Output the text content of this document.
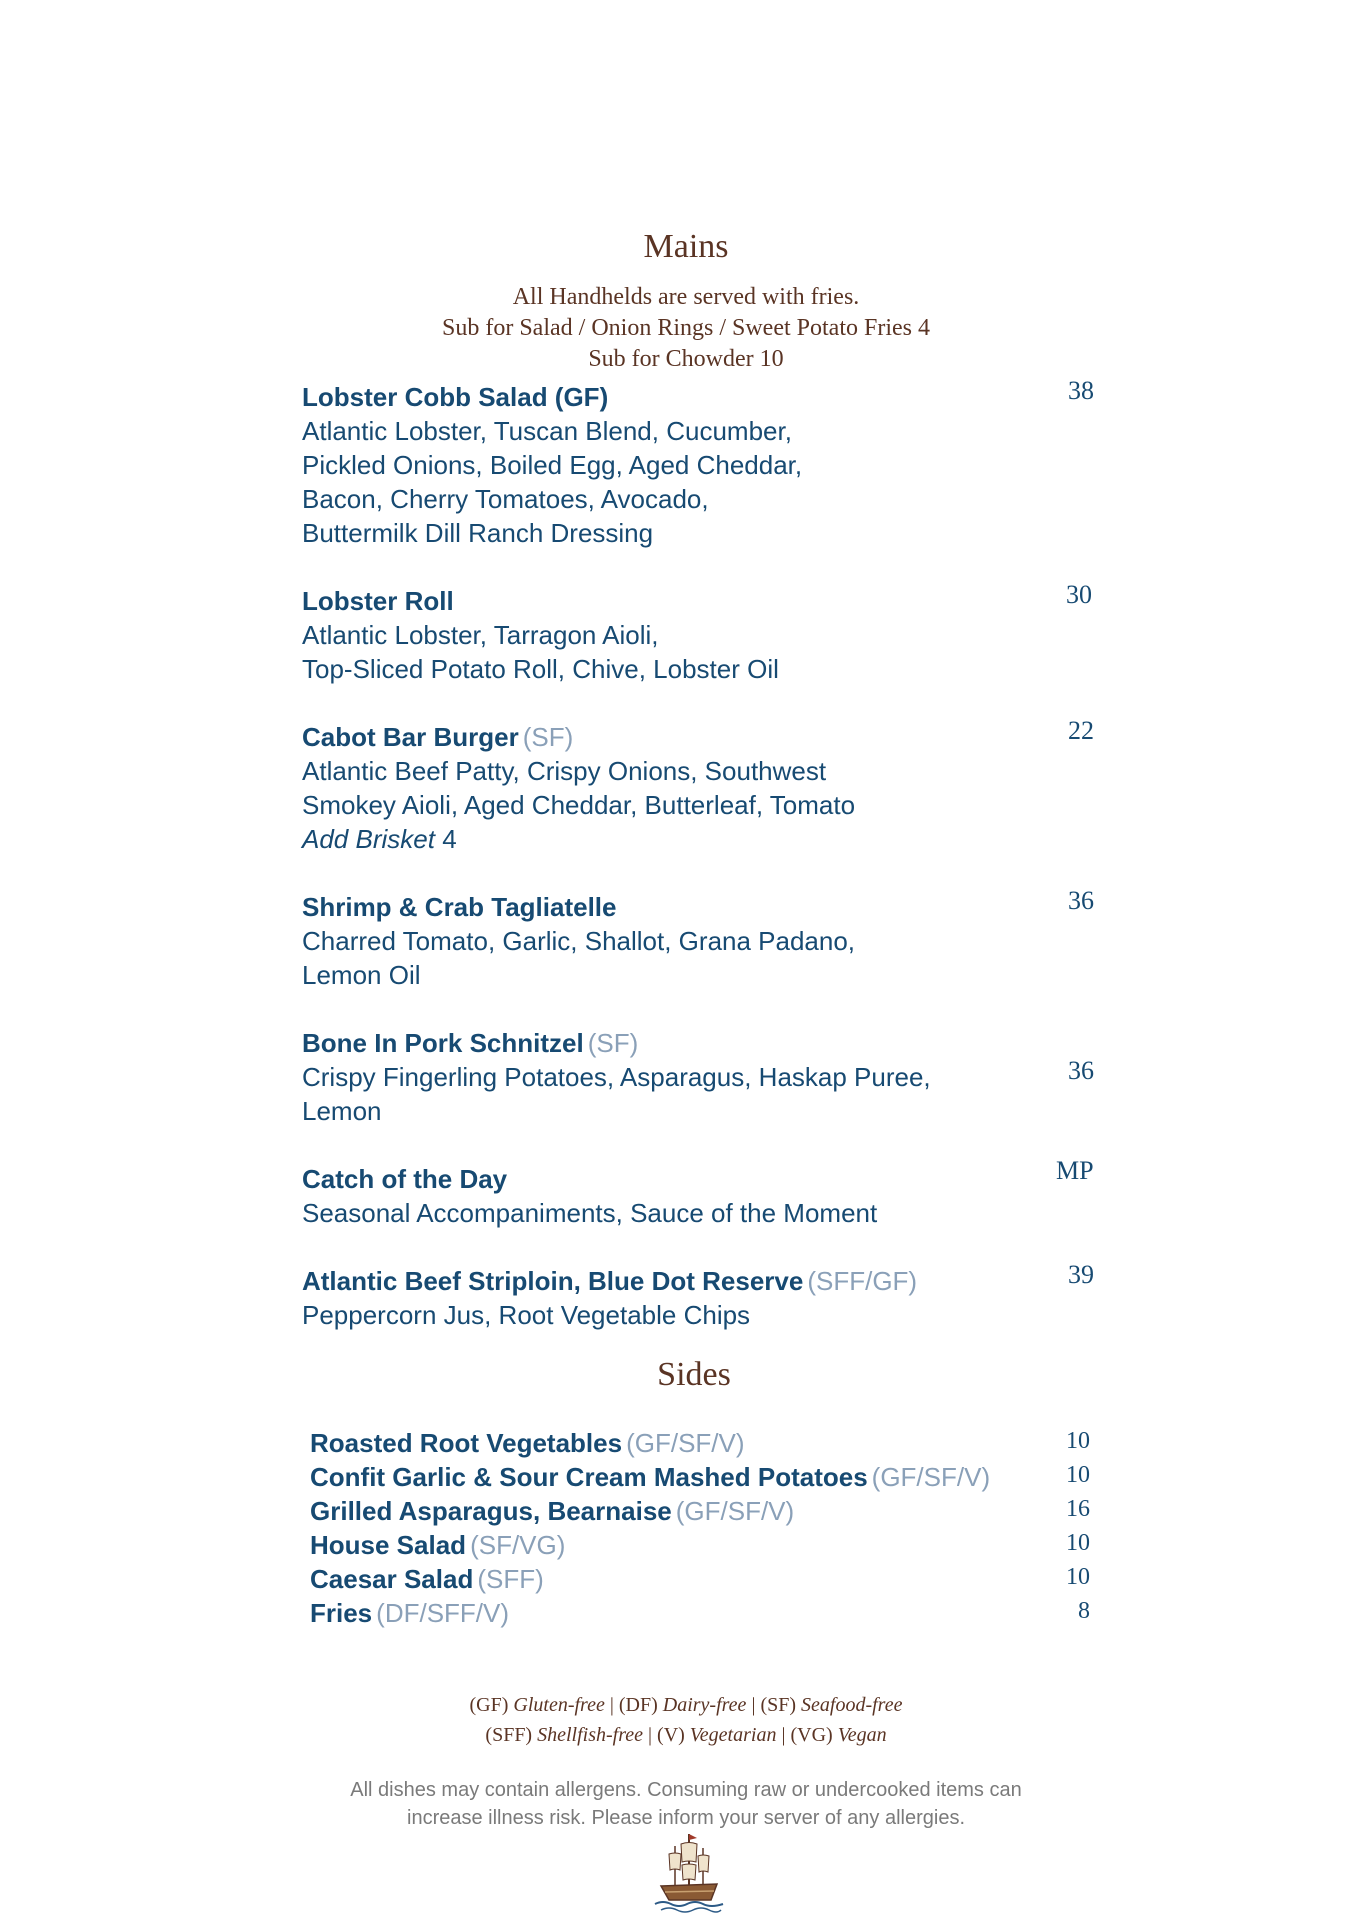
Mains
All Handhelds are served with fries.
Sub for Salad / Onion Rings / Sweet Potato Fries 4
Sub for Chowder 10
Lobster Cobb Salad (GF)
Atlantic Lobster, Tuscan Blend, Cucumber,
Pickled Onions, Boiled Egg, Aged Cheddar,
Bacon, Cherry Tomatoes, Avocado,
Buttermilk Dill Ranch Dressing
38
Lobster Roll
Atlantic Lobster, Tarragon Aioli,
Top-Sliced Potato Roll, Chive, Lobster Oil
30
Cabot Bar Burger (SF)
Atlantic Beef Patty, Crispy Onions, Southwest
Smokey Aioli, Aged Cheddar, Butterleaf, Tomato
Add Brisket 4
22
Shrimp & Crab Tagliatelle
Charred Tomato, Garlic, Shallot, Grana Padano,
Lemon Oil
36
Bone In Pork Schnitzel (SF)
Crispy Fingerling Potatoes, Asparagus, Haskap Puree,
Lemon
36
Catch of the Day
Seasonal Accompaniments, Sauce of the Moment
MP
Atlantic Beef Striploin, Blue Dot Reserve (SFF/GF)
Peppercorn Jus, Root Vegetable Chips
39
Sides
Roasted Root Vegetables (GF/SF/V)	10
Confit Garlic & Sour Cream Mashed Potatoes (GF/SF/V)	10
Grilled Asparagus, Bearnaise (GF/SF/V)	16
House Salad (SF/VG)	10
Caesar Salad (SFF)	10
Fries (DF/SFF/V)	8
(GF) Gluten-free | (DF) Dairy-free | (SF) Seafood-free
(SFF) Shellfish-free | (V) Vegetarian | (VG) Vegan
All dishes may contain allergens. Consuming raw or undercooked items can
increase illness risk. Please inform your server of any allergies.
